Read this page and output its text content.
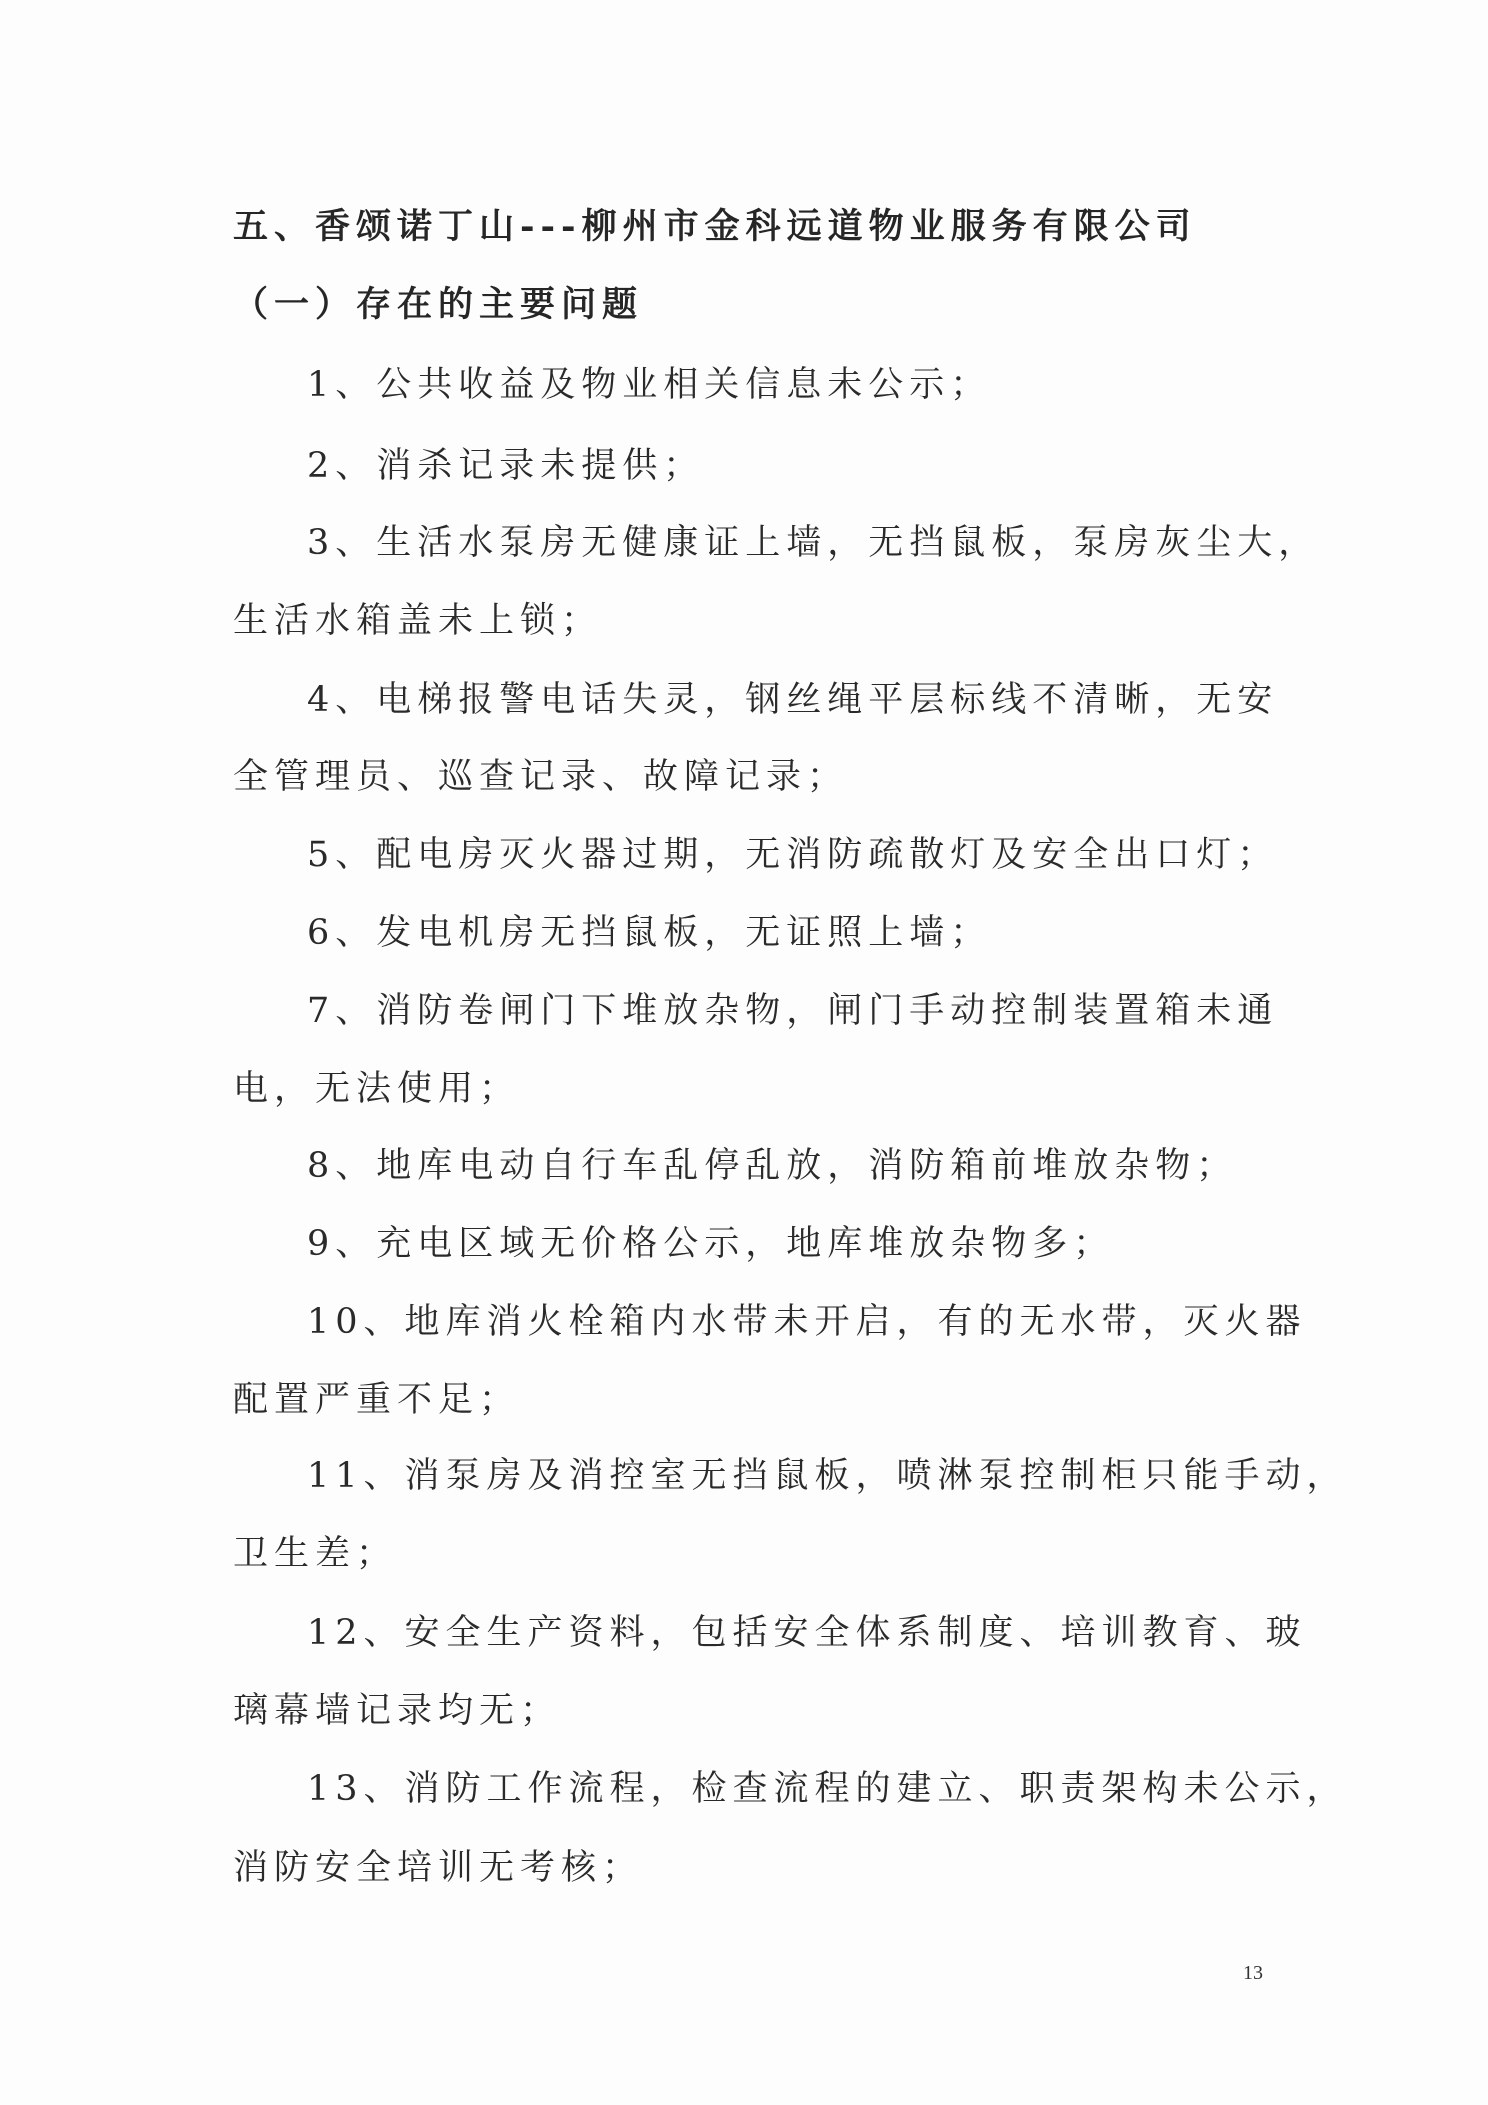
五、香颂诺丁山---柳州市金科远道物业服务有限公司
（一）存在的主要问题
1、公共收益及物业相关信息未公示；
2、消杀记录未提供；
3、生活水泵房无健康证上墙，无挡鼠板，泵房灰尘大，
生活水箱盖未上锁；
4、电梯报警电话失灵，钢丝绳平层标线不清晰，无安
全管理员、巡查记录、故障记录；
5、配电房灭火器过期，无消防疏散灯及安全出口灯；
6、发电机房无挡鼠板，无证照上墙；
7、消防卷闸门下堆放杂物，闸门手动控制装置箱未通
电，无法使用；
8、地库电动自行车乱停乱放，消防箱前堆放杂物；
9、充电区域无价格公示，地库堆放杂物多；
10、地库消火栓箱内水带未开启，有的无水带，灭火器
配置严重不足；
11、消泵房及消控室无挡鼠板，喷淋泵控制柜只能手动，
卫生差；
12、安全生产资料，包括安全体系制度、培训教育、玻
璃幕墙记录均无；
13、消防工作流程，检查流程的建立、职责架构未公示，
消防安全培训无考核；
13
